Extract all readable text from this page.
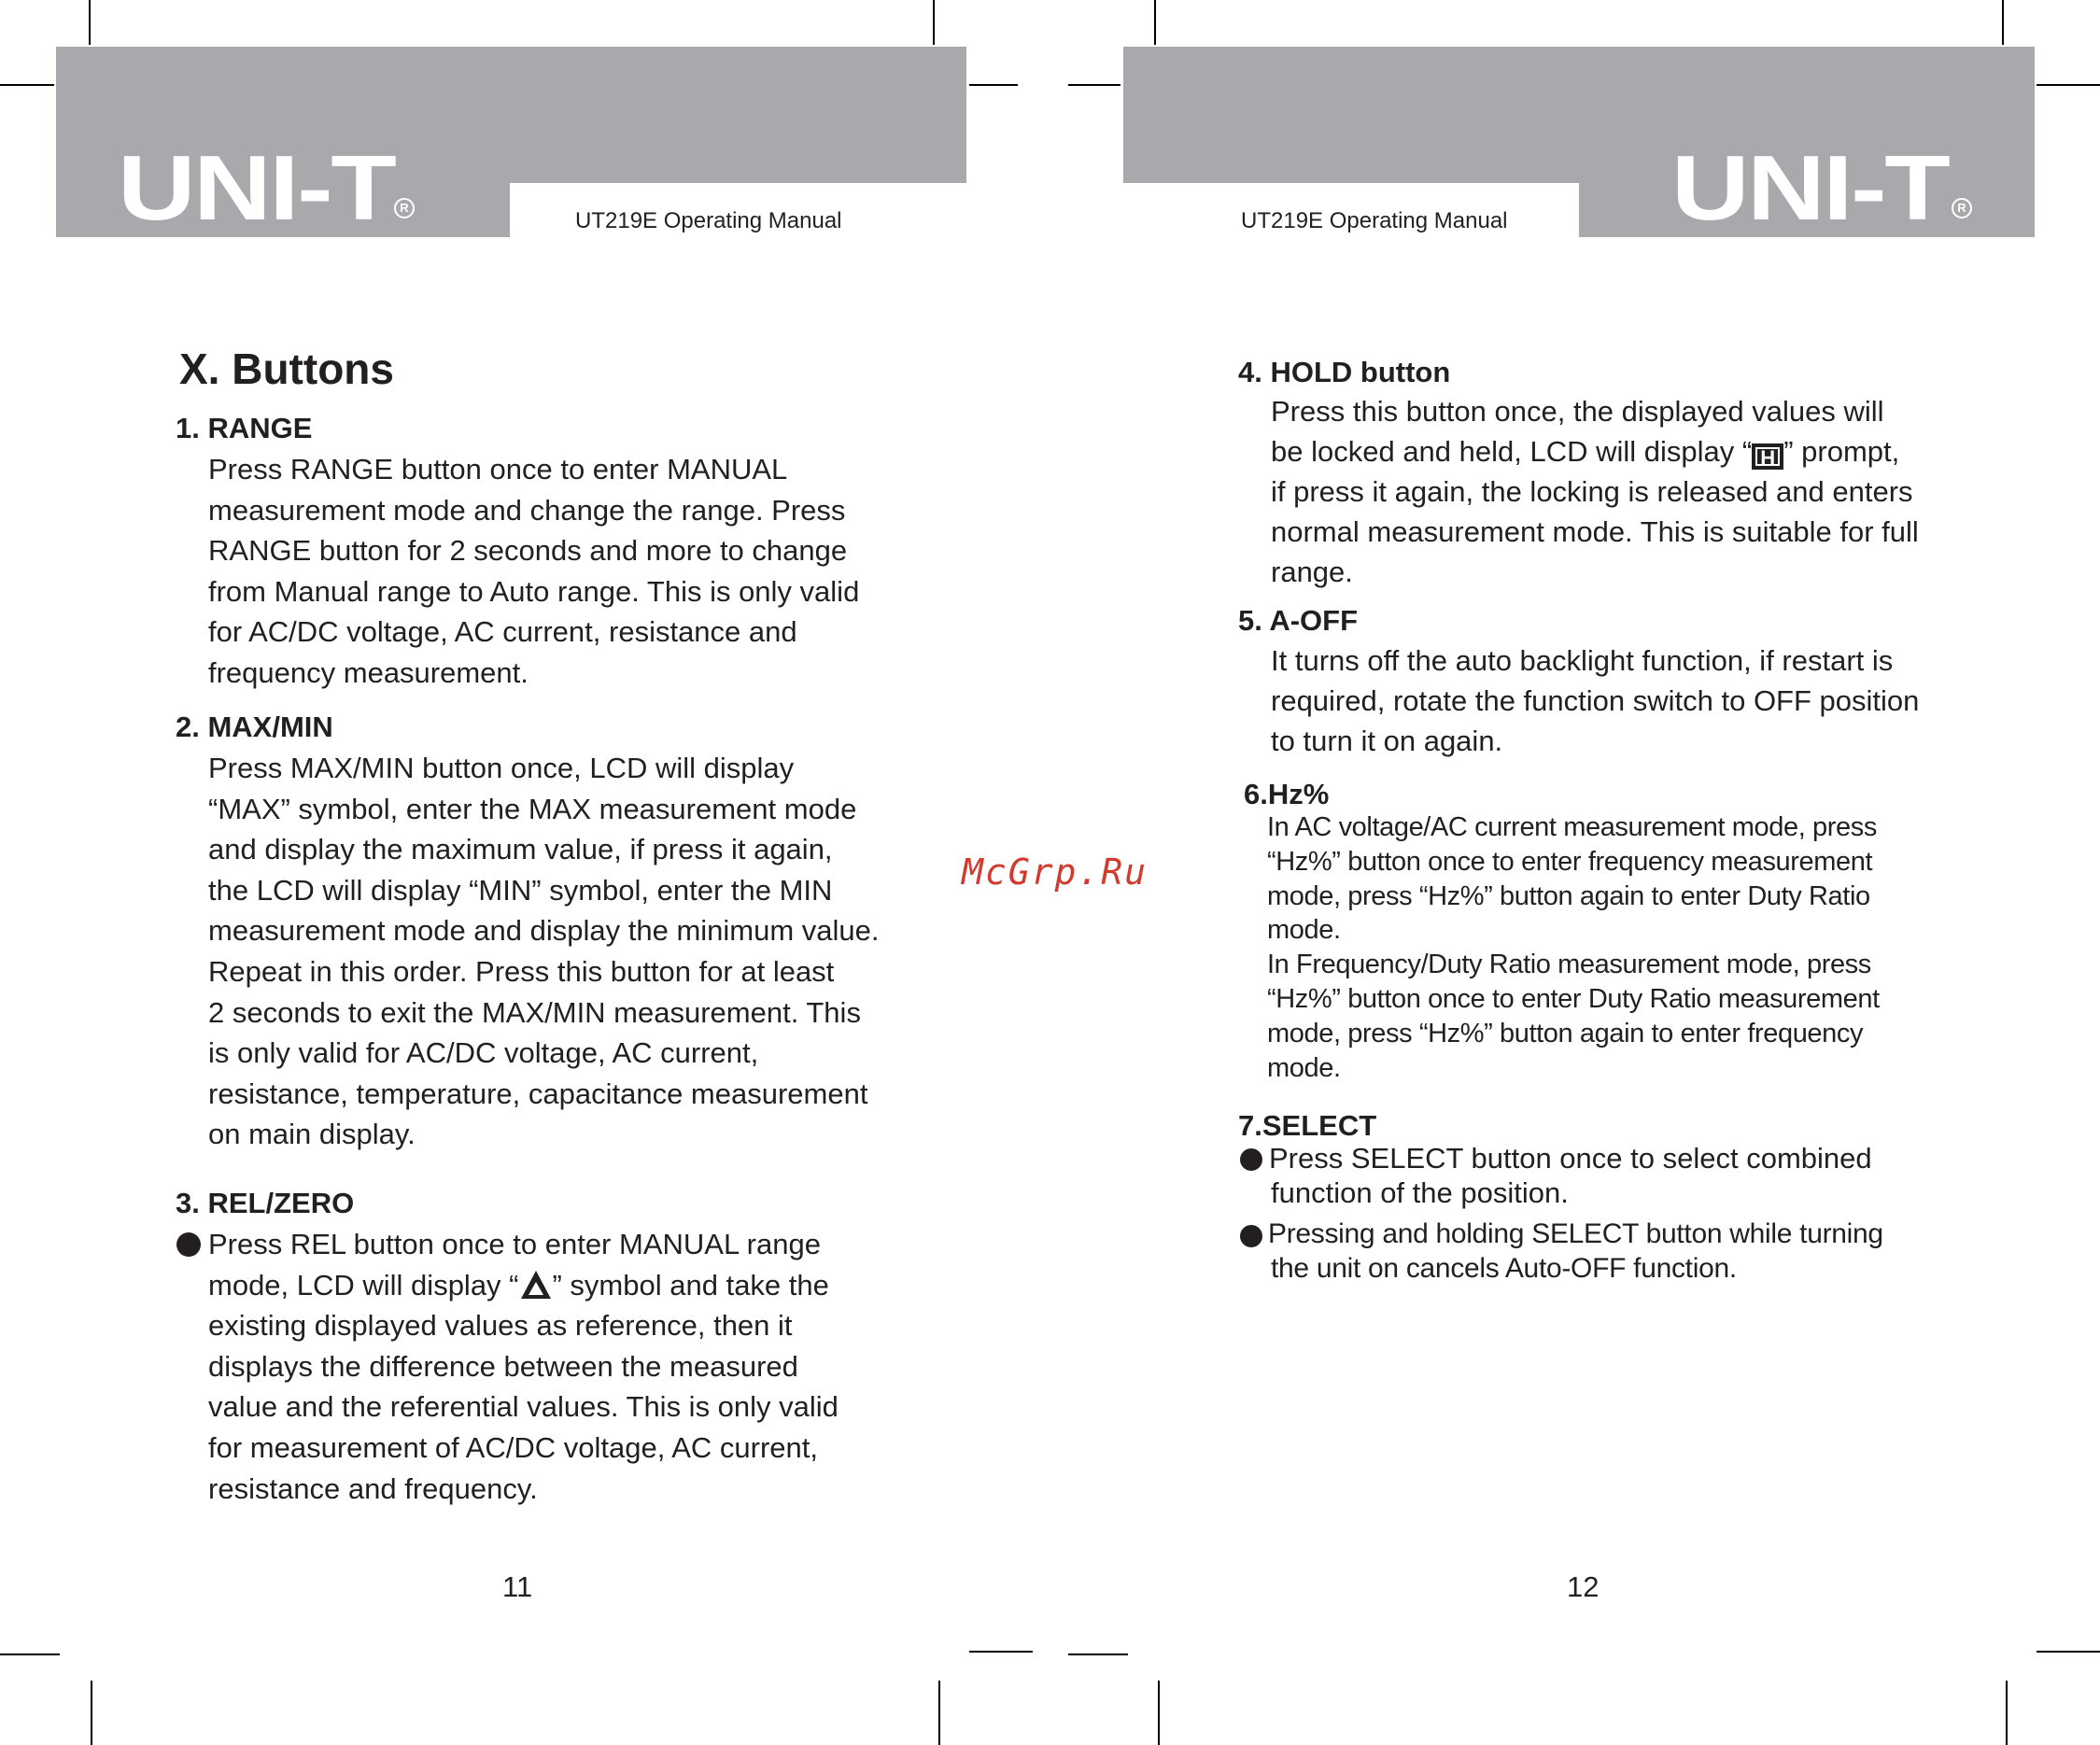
UNI-T R
UT219E Operating Manual	UNI-T R
UT219E Operating Manual
McGrp.Ru
X. Buttons
1. RANGE
Press RANGE button once to enter MANUAL
measurement mode and change the range. Press
RANGE button for 2 seconds and more to change
from Manual range to Auto range. This is only valid
for AC/DC voltage, AC current, resistance and
frequency measurement.
2. MAX/MIN
Press MAX/MIN button once, LCD will display
“MAX” symbol, enter the MAX measurement mode
and display the maximum value, if press it again,
the LCD will display “MIN” symbol, enter the MIN
measurement mode and display the minimum value.
Repeat in this order. Press this button for at least
2 seconds to exit the MAX/MIN measurement. This
is only valid for AC/DC voltage, AC current,
resistance, temperature, capacitance measurement
on main display.
3. REL/ZERO
Press REL button once to enter MANUAL range
mode, LCD will display “ ” symbol and take the
existing displayed values as reference, then it
displays the difference between the measured
value and the referential values. This is only valid
for measurement of AC/DC voltage, AC current,
resistance and frequency.
11
4. HOLD button
Press this button once, the displayed values will
be locked and held, LCD will display “ H ” prompt,
if press it again, the locking is released and enters
normal measurement mode. This is suitable for full
range.
5. A-OFF
It turns off the auto backlight function, if restart is
required, rotate the function switch to OFF position
to turn it on again.
6.Hz%
In AC voltage/AC current measurement mode, press
“Hz%” button once to enter frequency measurement
mode, press “Hz%” button again to enter Duty Ratio
mode.
In Frequency/Duty Ratio measurement mode, press
“Hz%” button once to enter Duty Ratio measurement
mode, press “Hz%” button again to enter frequency
mode.
7.SELECT
Press SELECT button once to select combined
function of the position.
Pressing and holding SELECT button while turning
the unit on cancels Auto-OFF function.
12
